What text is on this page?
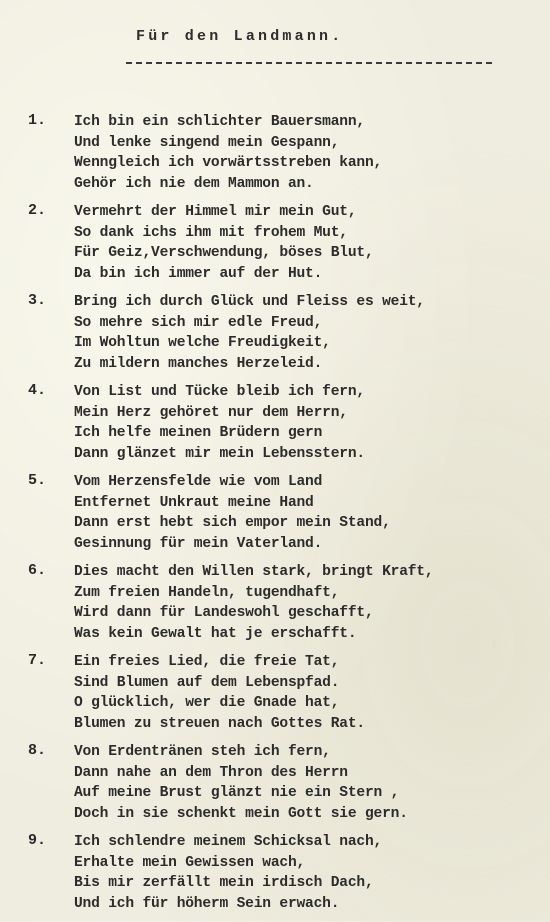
Für den Landmann.
1. Ich bin ein schlichter Bauersmann,
Und lenke singend mein Gespann,
Wenngleich ich vorwärtsstreben kann,
Gehör ich nie dem Mammon an.
2. Vermehrt der Himmel mir mein Gut,
So dank ichs ihm mit frohem Mut,
Für Geiz,Verschwendung, böses Blut,
Da bin ich immer auf der Hut.
3. Bring ich durch Glück und Fleiss es weit,
So mehre sich mir edle Freud,
Im Wohltun welche Freudigkeit,
Zu mildern manches Herzeleid.
4. Von List und Tücke bleib ich fern,
Mein Herz gehöret nur dem Herrn,
Ich helfe meinen Brüdern gern
Dann glänzet mir mein Lebensstern.
5. Vom Herzensfelde wie vom Land
Entfernet Unkraut meine Hand
Dann erst hebt sich empor mein Stand,
Gesinnung für mein Vaterland.
6. Dies macht den Willen stark, bringt Kraft,
Zum freien Handeln, tugendhaft,
Wird dann für Landeswohl geschafft,
Was kein Gewalt hat je erschafft.
7. Ein freies Lied, die freie Tat,
Sind Blumen auf dem Lebenspfad.
O glücklich, wer die Gnade hat,
Blumen zu streuen nach Gottes Rat.
8. Von Erdentränen steh ich fern,
Dann nahe an dem Thron des Herrn
Auf meine Brust glänzt nie ein Stern ,
Doch in sie schenkt mein Gott sie gern.
9. Ich schlendre meinem Schicksal nach,
Erhalte mein Gewissen wach,
Bis mir zerfällt mein irdisch Dach,
Und ich für höherm Sein erwach.
